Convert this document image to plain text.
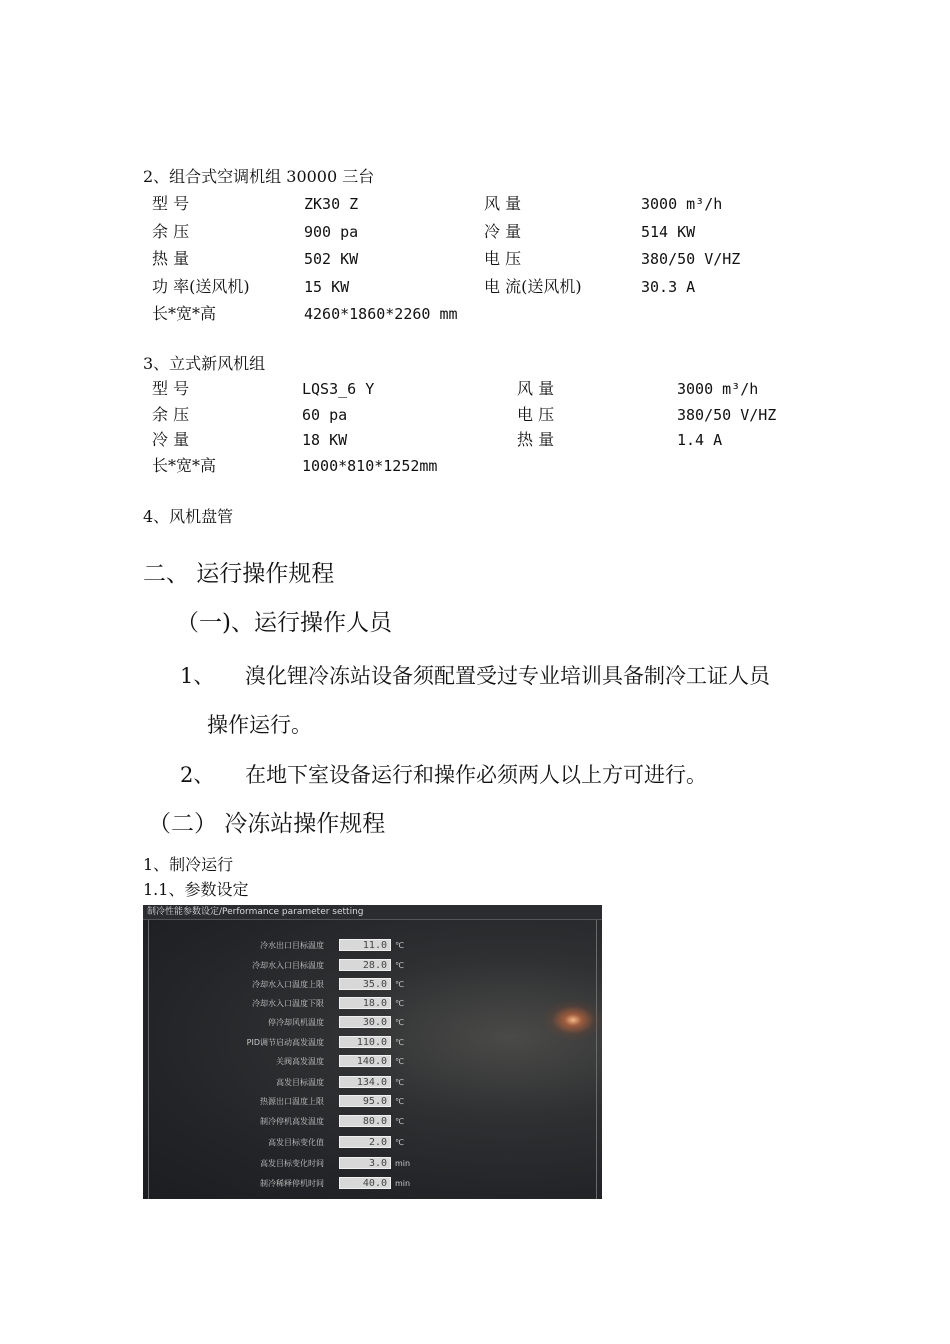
2、组合式空调机组 30000 三台
型 号	ZK30 Z	风 量	3000 m³/h
余 压	900 pa	冷 量	514 KW
热 量	502 KW	电 压	380/50 V/HZ
功 率(送风机)	15 KW	电 流(送风机)	30.3 A
长*宽*高	4260*1860*2260 mm
3、立式新风机组
型 号	LQS3_6 Y	风 量	3000 m³/h
余 压	60 pa	电 压	380/50 V/HZ
冷 量	18 KW	热 量	1.4 A
长*宽*高	1000*810*1252mm
4、风机盘管
二、 运行操作规程
（一)、运行操作人员
1、 溴化锂冷冻站设备须配置受过专业培训具备制冷工证人员
操作运行。
2、 在地下室设备运行和操作必须两人以上方可进行。
（二） 冷冻站操作规程
1、制冷运行
1.1、参数设定
制冷性能参数设定/Performance parameter setting
冷水出口目标温度	11.0	℃
冷却水入口目标温度	28.0	℃
冷却水入口温度上限	35.0	℃
冷却水入口温度下限	18.0	℃
停冷却风机温度	30.0	℃
PID调节启动高发温度	110.0	℃
关阀高发温度	140.0	℃
高发目标温度	134.0	℃
热源出口温度上限	95.0	℃
制冷停机高发温度	80.0	℃
高发目标变化值	2.0	℃
高发目标变化时间	3.0	min
制冷稀释停机时间	40.0	min
